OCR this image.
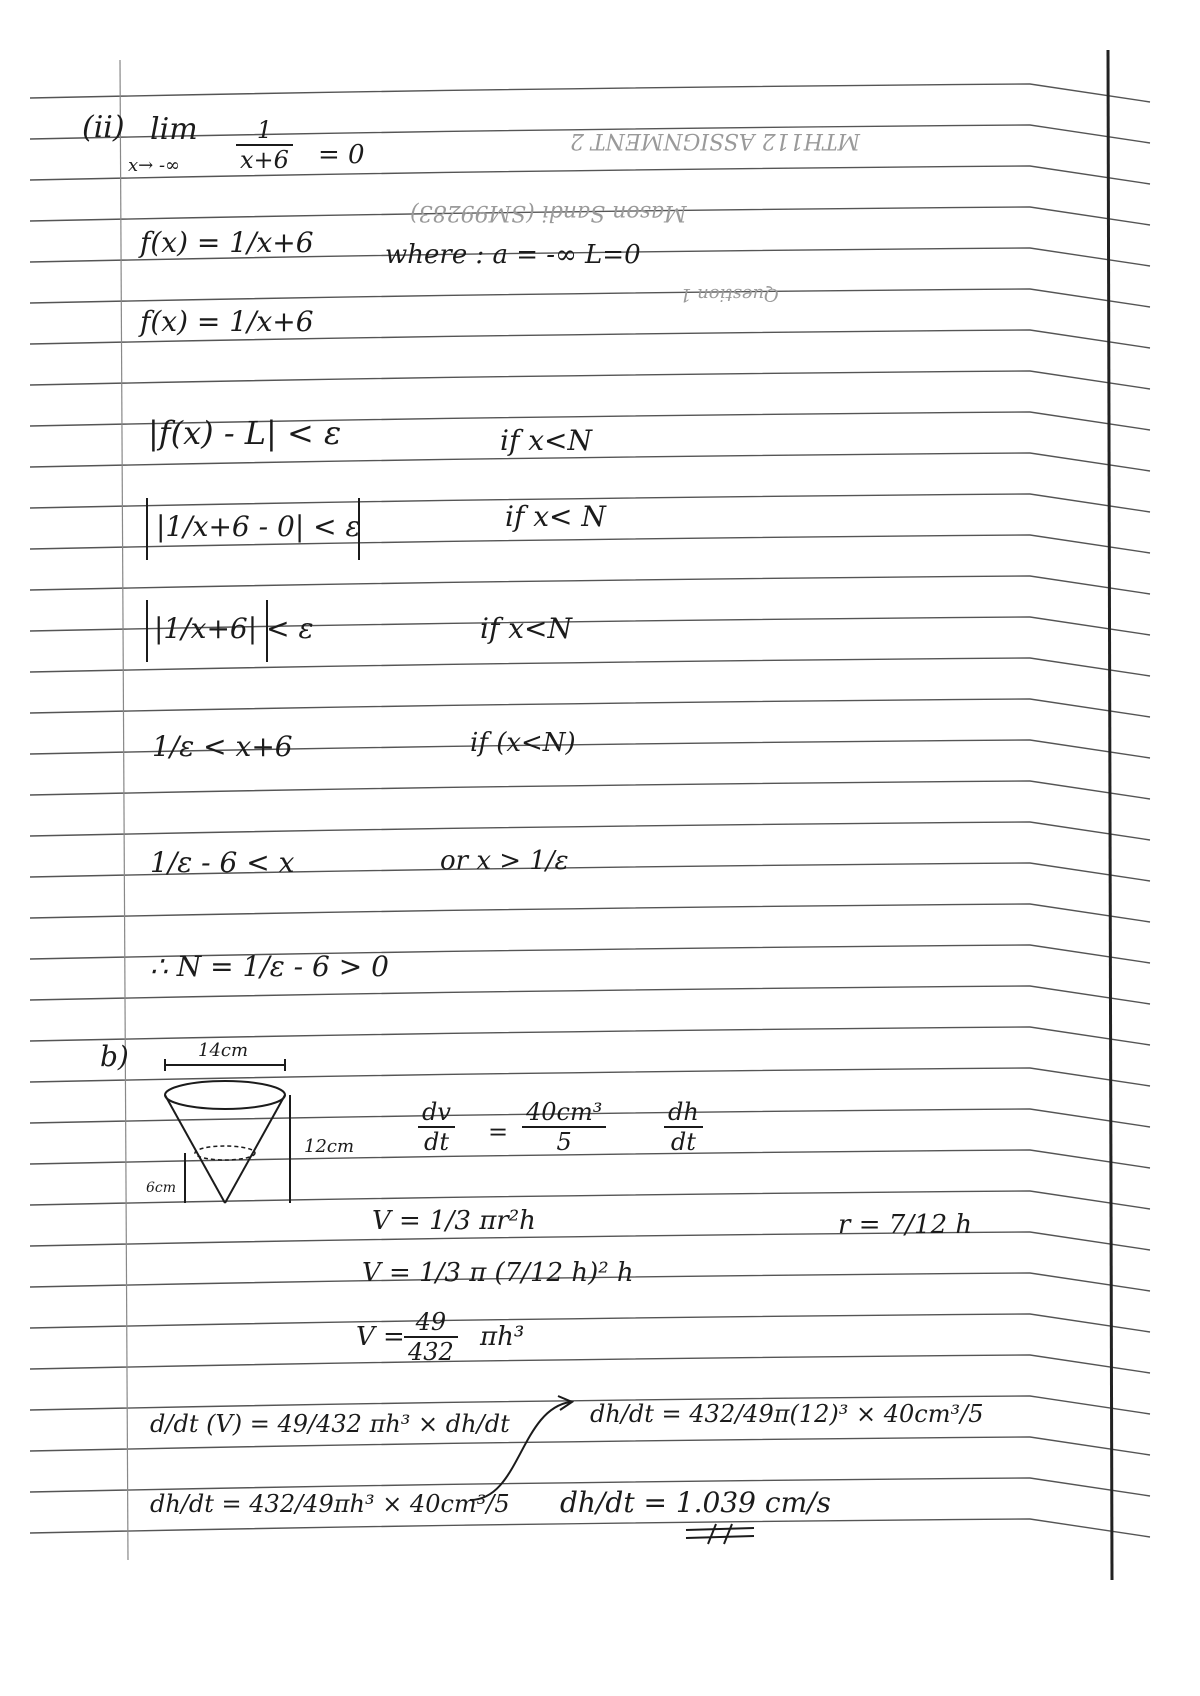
MTH112 ASSIGNMENT 2
Mason Sandi (SM99283)
Question 1
(ii) lim
x→ -∞ $\frac{1}{x+6} = 0$
f(x) = 1/x+6	where : a = -∞ L=0
f(x) = 1/x+6
|f(x) - L| < ε	if x<N
|1/x+6 - 0| < ε	if x< N
|1/x+6| < ε	if x<N
1/ε < x+6	if (x<N)
1/ε - 6 < x	or x > 1/ε
∴ N = 1/ε - 6 > 0
b)	14cm
12cm
6cm
$\frac{dv}{dt} = \frac{\text{40cm³}}{5} \frac{dh}{dt}$
r = 7/12 h
V = 1/3 πr²h
V = 1/3 π (7/12 h)² h
$V = \frac{49}{432} \pi h^3$
d/dt (V) = 49/432 πh³ × dh/dt
dh/dt = 432/49πh³ × 40cm³/5
dh/dt = 432/49π(12)³ × 40cm³/5
dh/dt = 1.039 cm/s
